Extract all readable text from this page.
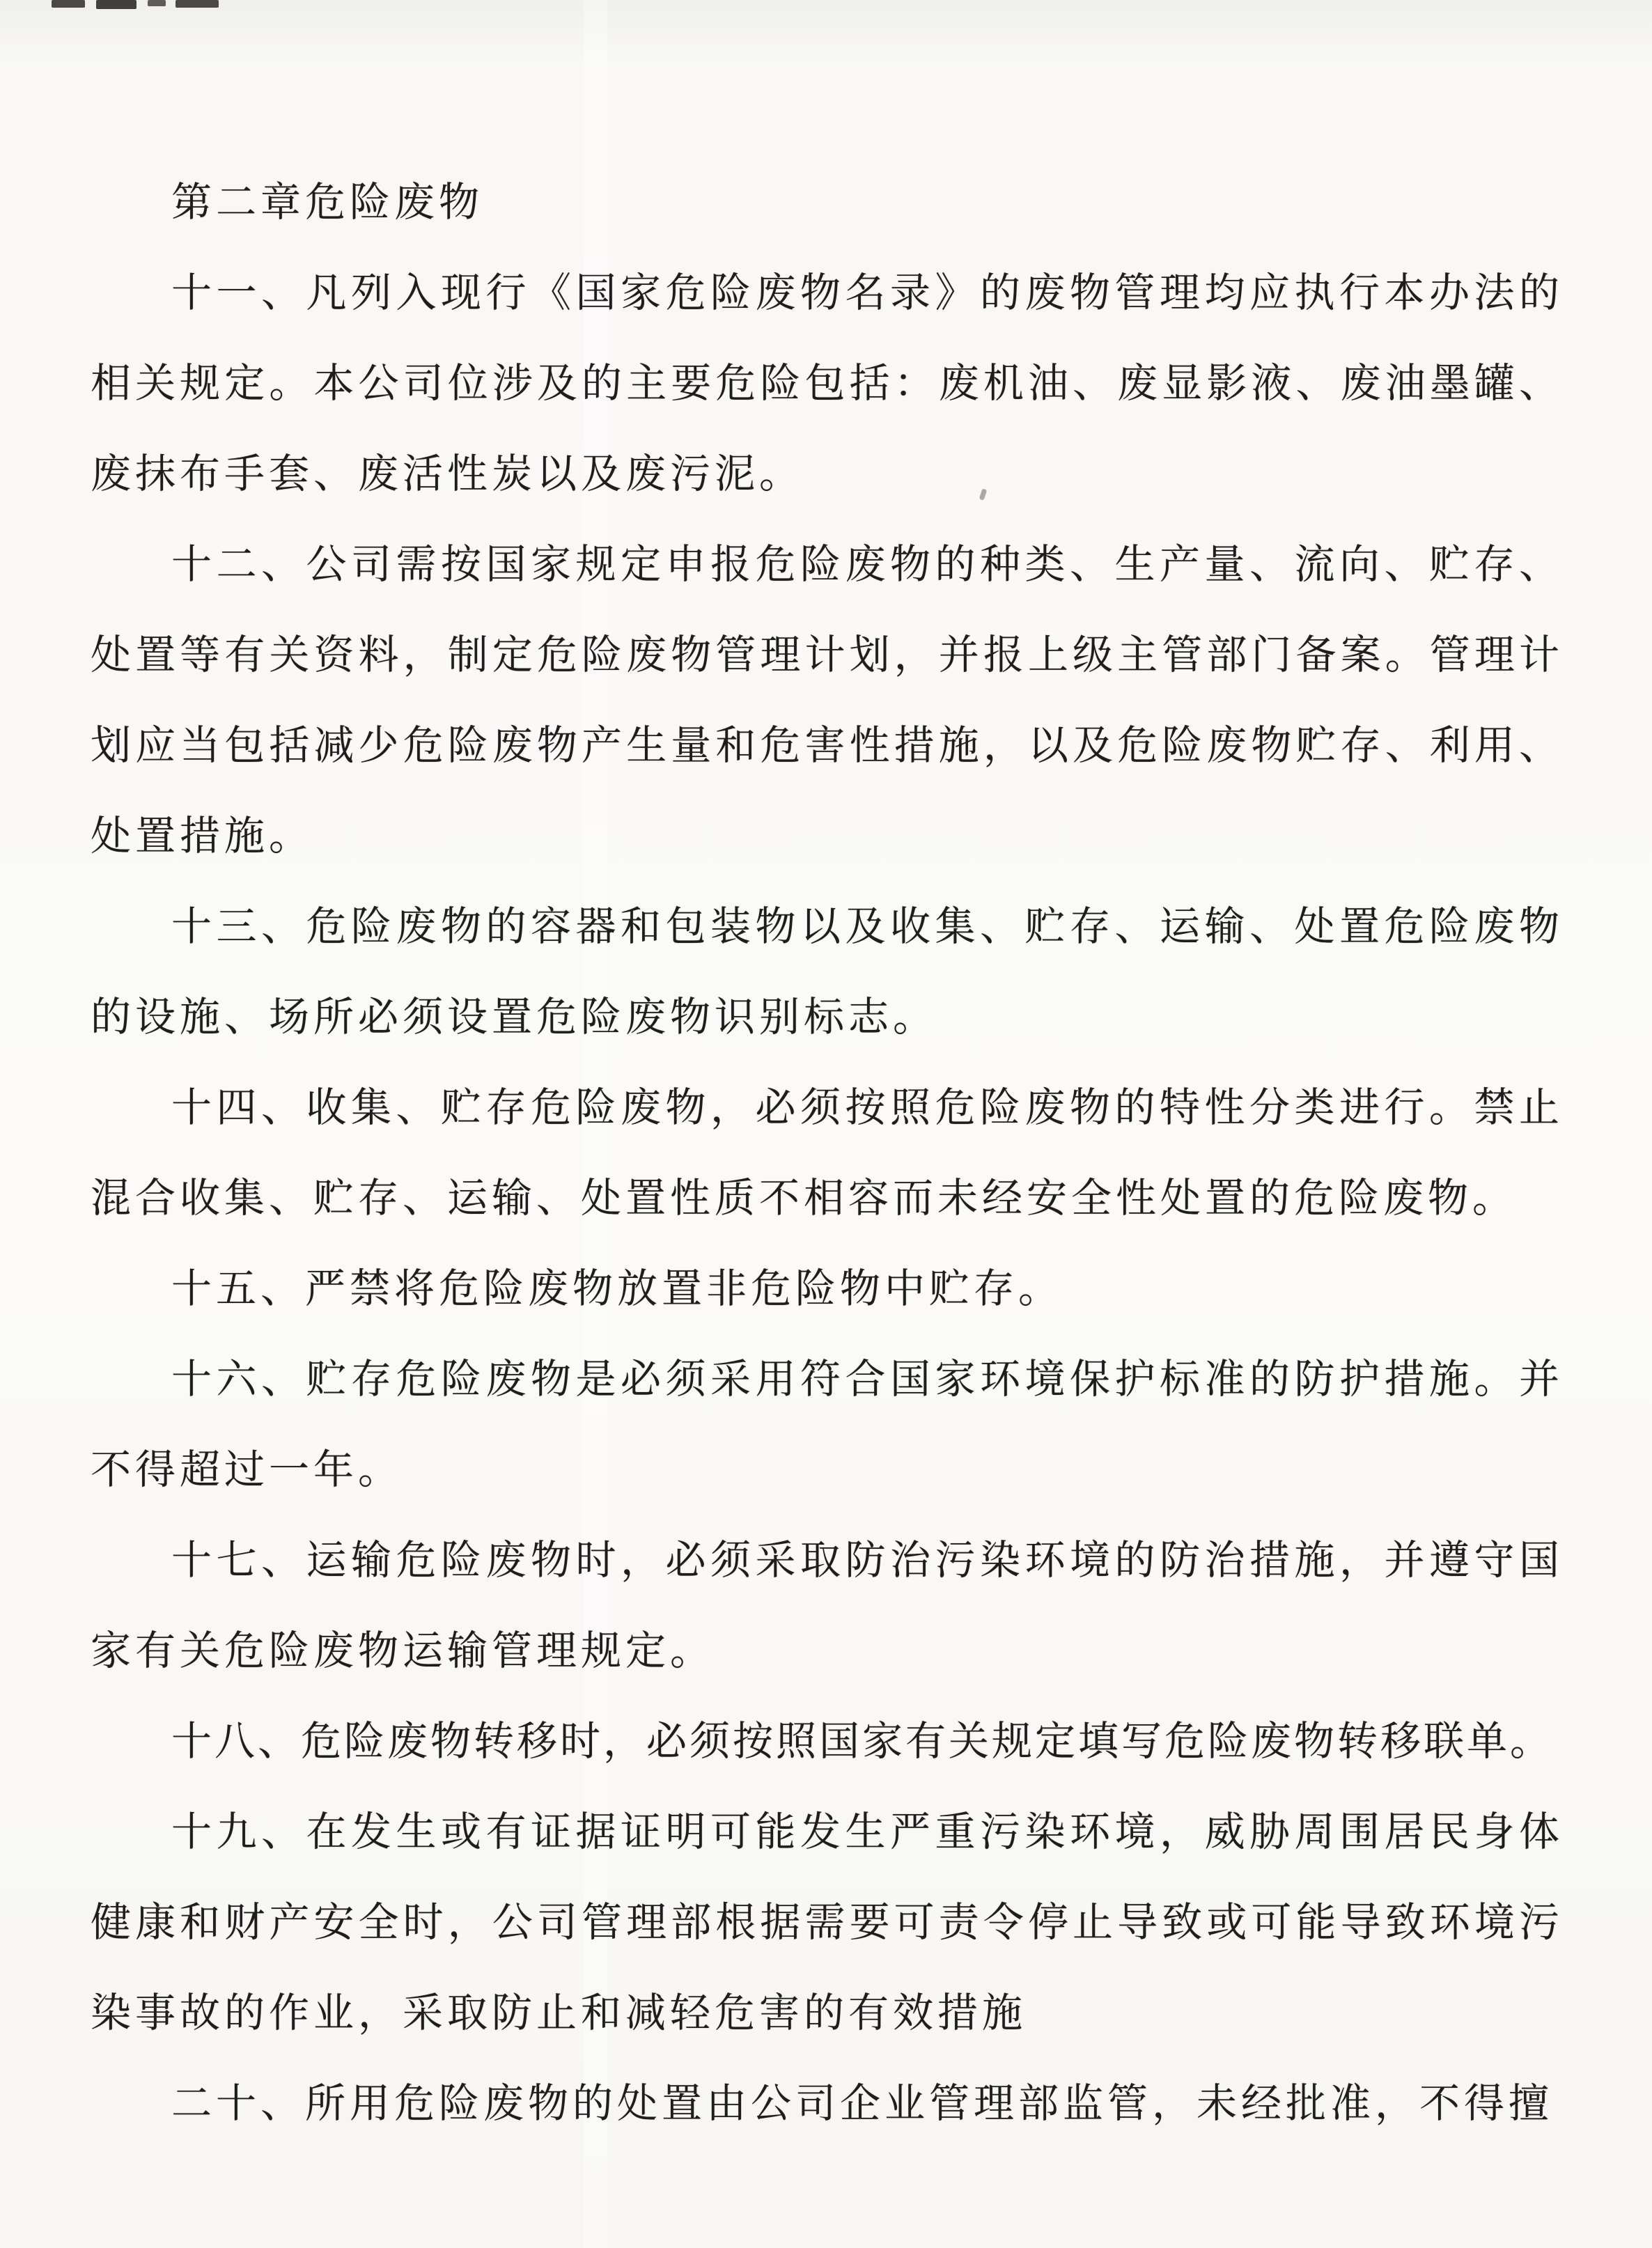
第二章危险废物

十一、凡列入现行《国家危险废物名录》的废物管理均应执行本办法的相关规定。本公司位涉及的主要危险包括：废机油、废显影液、废油墨罐、废抹布手套、废活性炭以及废污泥。

十二、公司需按国家规定申报危险废物的种类、生产量、流向、贮存、处置等有关资料，制定危险废物管理计划，并报上级主管部门备案。管理计划应当包括减少危险废物产生量和危害性措施，以及危险废物贮存、利用、处置措施。

十三、危险废物的容器和包装物以及收集、贮存、运输、处置危险废物的设施、场所必须设置危险废物识别标志。

十四、收集、贮存危险废物，必须按照危险废物的特性分类进行。禁止混合收集、贮存、运输、处置性质不相容而未经安全性处置的危险废物。

十五、严禁将危险废物放置非危险物中贮存。

十六、贮存危险废物是必须采用符合国家环境保护标准的防护措施。并不得超过一年。

十七、运输危险废物时，必须采取防治污染环境的防治措施，并遵守国家有关危险废物运输管理规定。

十八、危险废物转移时，必须按照国家有关规定填写危险废物转移联单。

十九、在发生或有证据证明可能发生严重污染环境，威胁周围居民身体健康和财产安全时，公司管理部根据需要可责令停止导致或可能导致环境污染事故的作业，采取防止和减轻危害的有效措施

二十、所用危险废物的处置由公司企业管理部监管，未经批准，不得擅
